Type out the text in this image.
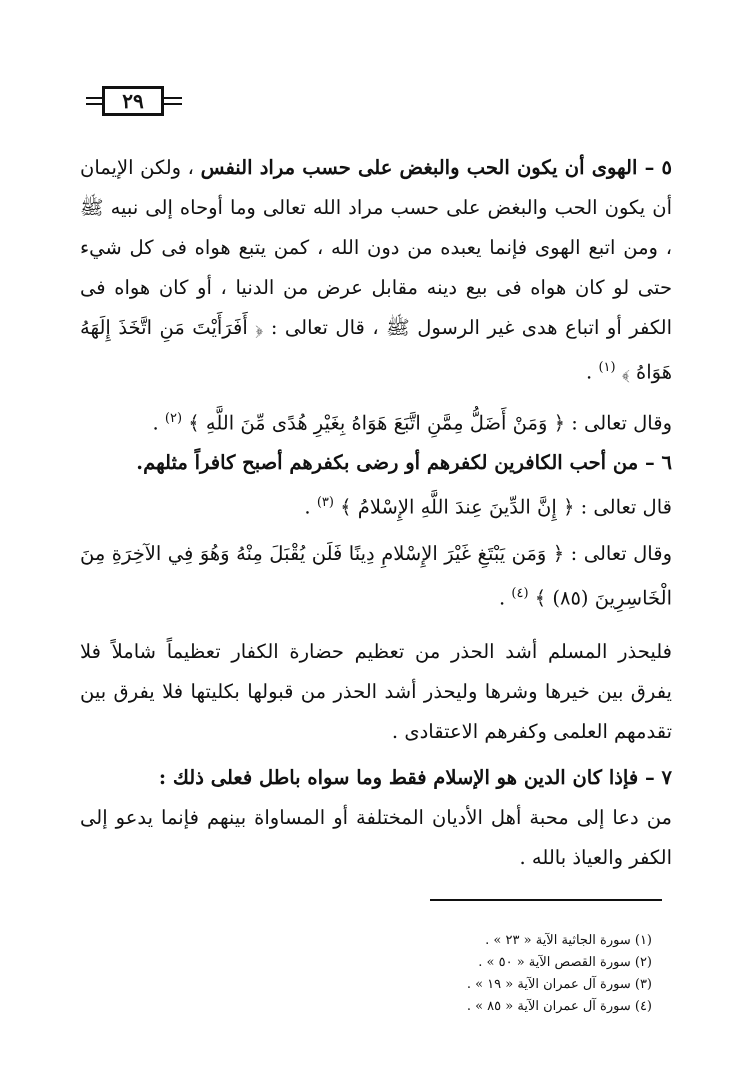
٢٩

٥ – الهوى أن يكون الحب والبغض على حسب مراد النفس ، ولكن الإيمان أن يكون الحب والبغض على حسب مراد الله تعالى وما أوحاه إلى نبيه ﷺ ، ومن اتبع الهوى فإنما يعبده من دون الله ، كمن يتبع هواه فى كل شيء حتى لو كان هواه فى بيع دينه مقابل عرض من الدنيا ، أو كان هواه فى الكفر أو اتباع هدى غير الرسول ﷺ ، قال تعالى : ﴿ أَفَرَأَيْتَ مَنِ اتَّخَذَ إِلَهَهُ هَوَاهُ ﴾ $^{(١)}$ .

وقال تعالى : ﴿ وَمَنْ أَضَلُّ مِمَّنِ اتَّبَعَ هَوَاهُ بِغَيْرِ هُدًى مِّنَ اللَّهِ ﴾ $^{(٢)}$ .

٦ – من أحب الكافرين لكفرهم أو رضى بكفرهم أصبح كافراً مثلهم.

قال تعالى : ﴿ إِنَّ الدِّينَ عِندَ اللَّهِ الإِسْلامُ ﴾ $^{(٣)}$ .

وقال تعالى : ﴿ وَمَن يَبْتَغِ غَيْرَ الإِسْلامِ دِينًا فَلَن يُقْبَلَ مِنْهُ وَهُوَ فِي الآخِرَةِ مِنَ الْخَاسِرِينَ (٨٥) ﴾ $^{(٤)}$ .

فليحذر المسلم أشد الحذر من تعظيم حضارة الكفار تعظيماً شاملاً فلا يفرق بين خيرها وشرها وليحذر أشد الحذر من قبولها بكليتها فلا يفرق بين تقدمهم العلمى وكفرهم الاعتقادى .

٧ – فإذا كان الدين هو الإسلام فقط وما سواه باطل فعلى ذلك :

من دعا إلى محبة أهل الأديان المختلفة أو المساواة بينهم فإنما يدعو إلى الكفر والعياذ بالله .

(١) سورة الجاثية الآية « ٢٣ » .
(٢) سورة القصص الآية « ٥٠ » .
(٣) سورة آل عمران الآية « ١٩ » .
(٤) سورة آل عمران الآية « ٨٥ » .
